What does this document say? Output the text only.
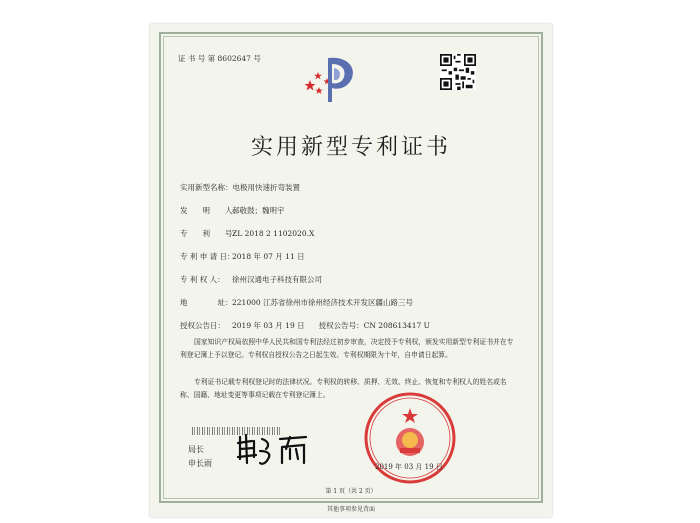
证 书 号 第 8602647 号
实用新型专利证书
实用新型名称：电极用快速折弯装置
发　　明　　人：郝敬鼓；魏明宇
专　　利　　号：ZL 2018 2 1102020.X
专 利 申 请 日：2018 年 07 月 11 日
专 利 权 人： 徐州汉通电子科技有限公司
地　　　　址：221000 江苏省徐州市徐州经济技术开发区疆山路三号
授权公告日： 2019 年 03 月 19 日 授权公告号：CN 208613417 U
国家知识产权局依照中华人民共和国专利法经过初步审查，决定授予专利权，颁发实用新型专利证书并在专利登记簿上予以登记。专利权自授权公告之日起生效。专利权期限为十年，自申请日起算。
专利证书记载专利权登记时的法律状况。专利权的转移、质押、无效、终止、恢复和专利权人的姓名或名称、国籍、地址变更等事项记载在专利登记簿上。
局长
申长雨	2019 年 03 月 19 日
第 1 页（共 2 页）
其他事项参见背面
